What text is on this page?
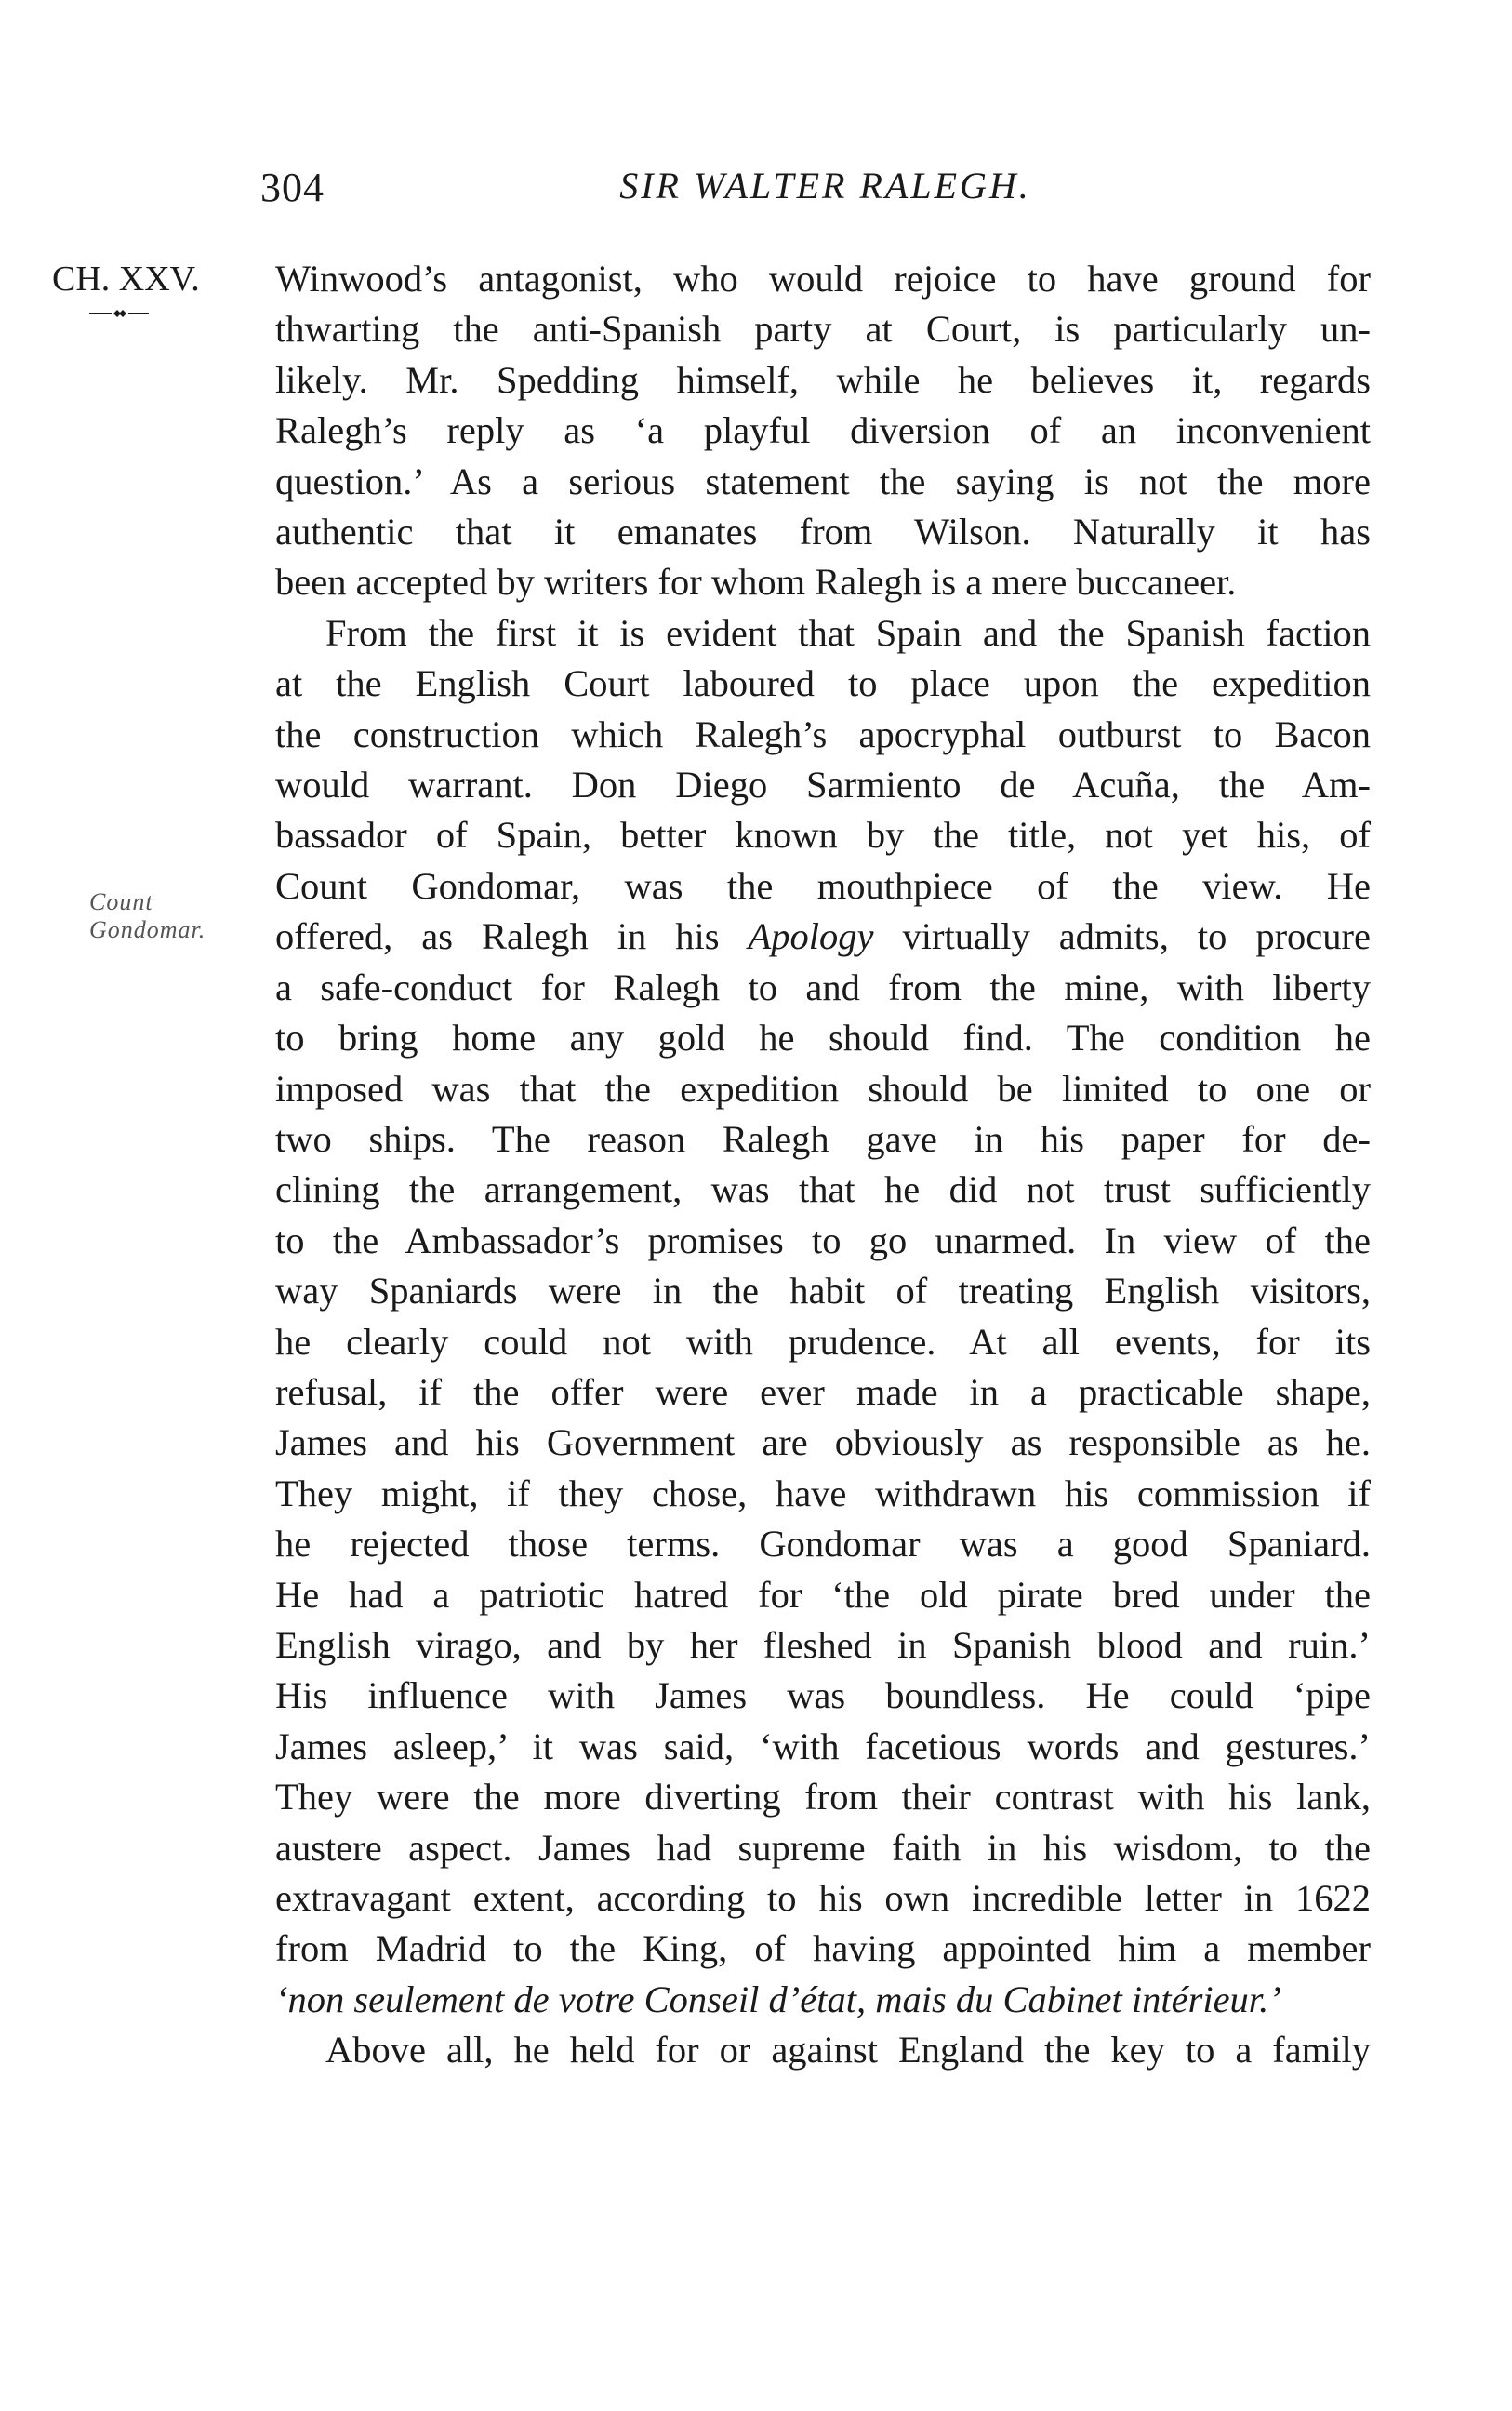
304	SIR WALTER RALEGH.
CH. XXV.
Count Gondomar.
Winwood’s antagonist, who would rejoice to have ground for
thwarting the anti-Spanish party at Court, is particularly un-
likely. Mr. Spedding himself, while he believes it, regards
Ralegh’s reply as ‘a playful diversion of an inconvenient
question.’ As a serious statement the saying is not the more
authentic that it emanates from Wilson. Naturally it has
been accepted by writers for whom Ralegh is a mere buccaneer.
From the first it is evident that Spain and the Spanish faction
at the English Court laboured to place upon the expedition
the construction which Ralegh’s apocryphal outburst to Bacon
would warrant. Don Diego Sarmiento de Acuña, the Am-
bassador of Spain, better known by the title, not yet his, of
Count Gondomar, was the mouthpiece of the view. He
offered, as Ralegh in his Apology virtually admits, to procure
a safe-conduct for Ralegh to and from the mine, with liberty
to bring home any gold he should find. The condition he
imposed was that the expedition should be limited to one or
two ships. The reason Ralegh gave in his paper for de-
clining the arrangement, was that he did not trust sufficiently
to the Ambassador’s promises to go unarmed. In view of the
way Spaniards were in the habit of treating English visitors,
he clearly could not with prudence. At all events, for its
refusal, if the offer were ever made in a practicable shape,
James and his Government are obviously as responsible as he.
They might, if they chose, have withdrawn his commission if
he rejected those terms. Gondomar was a good Spaniard.
He had a patriotic hatred for ‘the old pirate bred under the
English virago, and by her fleshed in Spanish blood and ruin.’
His influence with James was boundless. He could ‘pipe
James asleep,’ it was said, ‘with facetious words and gestures.’
They were the more diverting from their contrast with his lank,
austere aspect. James had supreme faith in his wisdom, to the
extravagant extent, according to his own incredible letter in 1622
from Madrid to the King, of having appointed him a member
‘non seulement de votre Conseil d’état, mais du Cabinet intérieur.’
Above all, he held for or against England the key to a family
